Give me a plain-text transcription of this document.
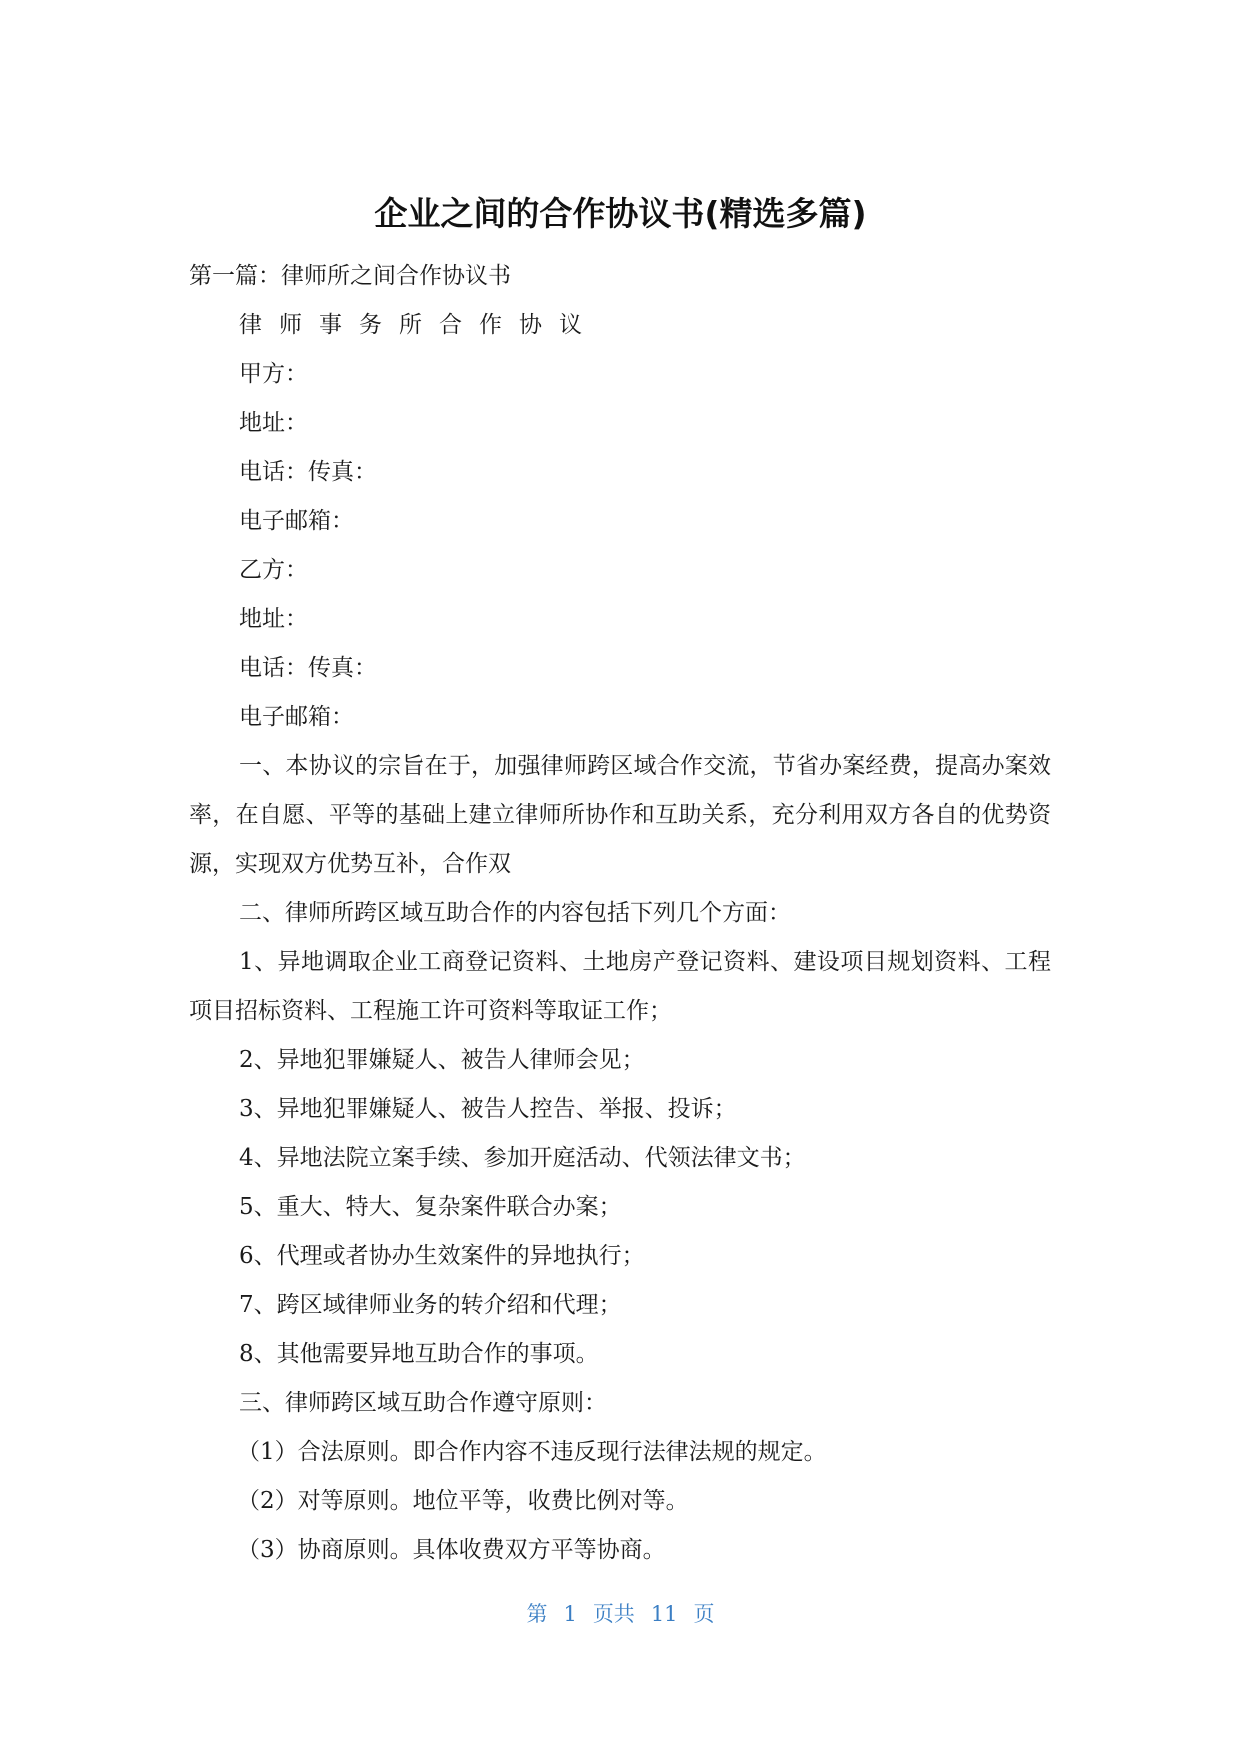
企业之间的合作协议书(精选多篇)

第一篇：律师所之间合作协议书

律师事务所合作协议

甲方：

地址：

电话：传真：

电子邮箱：

乙方：

地址：

电话：传真：

电子邮箱：

一、本协议的宗旨在于，加强律师跨区域合作交流，节省办案经费，提高办案效率，在自愿、平等的基础上建立律师所协作和互助关系，充分利用双方各自的优势资源，实现双方优势互补，合作双

二、律师所跨区域互助合作的内容包括下列几个方面：

1、异地调取企业工商登记资料、土地房产登记资料、建设项目规划资料、工程项目招标资料、工程施工许可资料等取证工作；

2、异地犯罪嫌疑人、被告人律师会见；

3、异地犯罪嫌疑人、被告人控告、举报、投诉；

4、异地法院立案手续、参加开庭活动、代领法律文书；

5、重大、特大、复杂案件联合办案；

6、代理或者协办生效案件的异地执行；

7、跨区域律师业务的转介绍和代理；

8、其他需要异地互助合作的事项。

三、律师跨区域互助合作遵守原则：

（1）合法原则。即合作内容不违反现行法律法规的规定。

（2）对等原则。地位平等，收费比例对等。

（3）协商原则。具体收费双方平等协商。

第 1 页共 11 页
